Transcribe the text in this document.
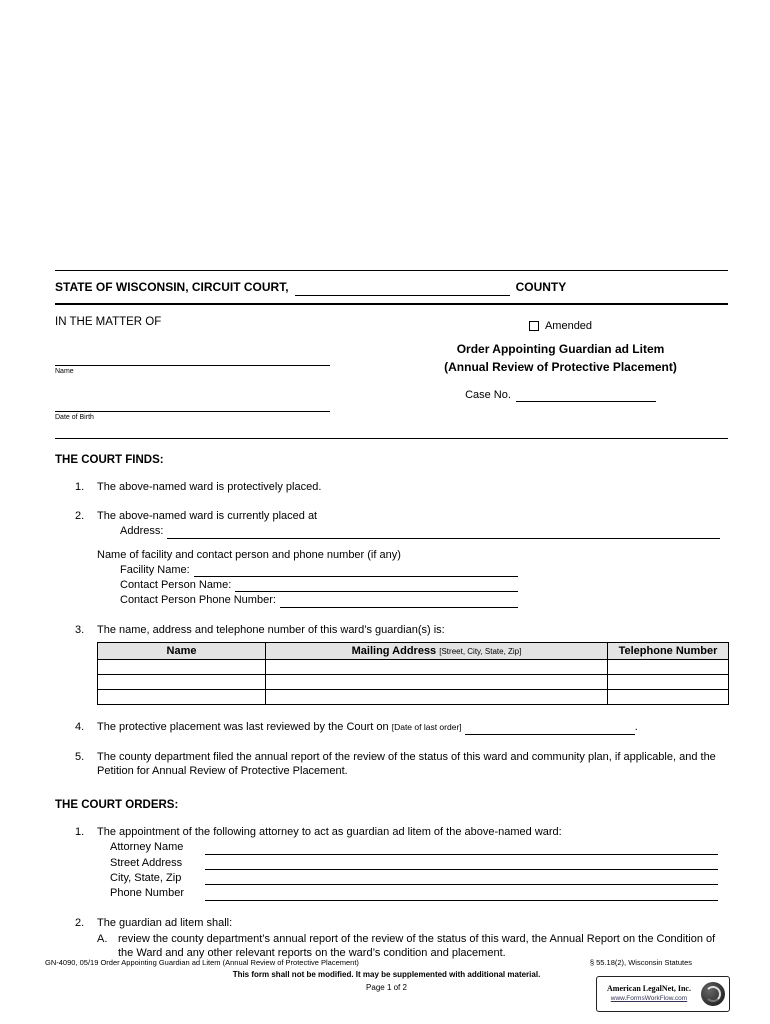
STATE OF WISCONSIN, CIRCUIT COURT,	COUNTY
IN THE MATTER OF
Name
Date of Birth
Amended
Order Appointing Guardian ad Litem
(Annual Review of Protective Placement)
Case No.
THE COURT FINDS:
1.	The above-named ward is protectively placed.
2.	The above-named ward is currently placed at
Address:
Name of facility and contact person and phone number (if any)
Facility Name:
Contact Person Name:
Contact Person Phone Number:
3.	The name, address and telephone number of this ward’s guardian(s) is:
Name	Mailing Address [Street, City, State, Zip]	Telephone Number

4.	The protective placement was last reviewed by the Court on [Date of last order]	.
5.	The county department filed the annual report of the review of the status of this ward and community plan, if applicable, and the Petition for Annual Review of Protective Placement.
THE COURT ORDERS:
1.	The appointment of the following attorney to act as guardian ad litem of the above-named ward:
Attorney Name
Street Address
City, State, Zip
Phone Number
2.	The guardian ad litem shall:
A. review the county department’s annual report of the review of the status of this ward, the Annual Report on the Condition of the Ward and any other relevant reports on the ward’s condition and placement.
GN-4090, 05/19 Order Appointing Guardian ad Litem (Annual Review of Protective Placement)	§ 55.18(2), Wisconsin Statutes
This form shall not be modified. It may be supplemented with additional material.
Page 1 of 2	American LegalNet, Inc.
www.FormsWorkFlow.com
